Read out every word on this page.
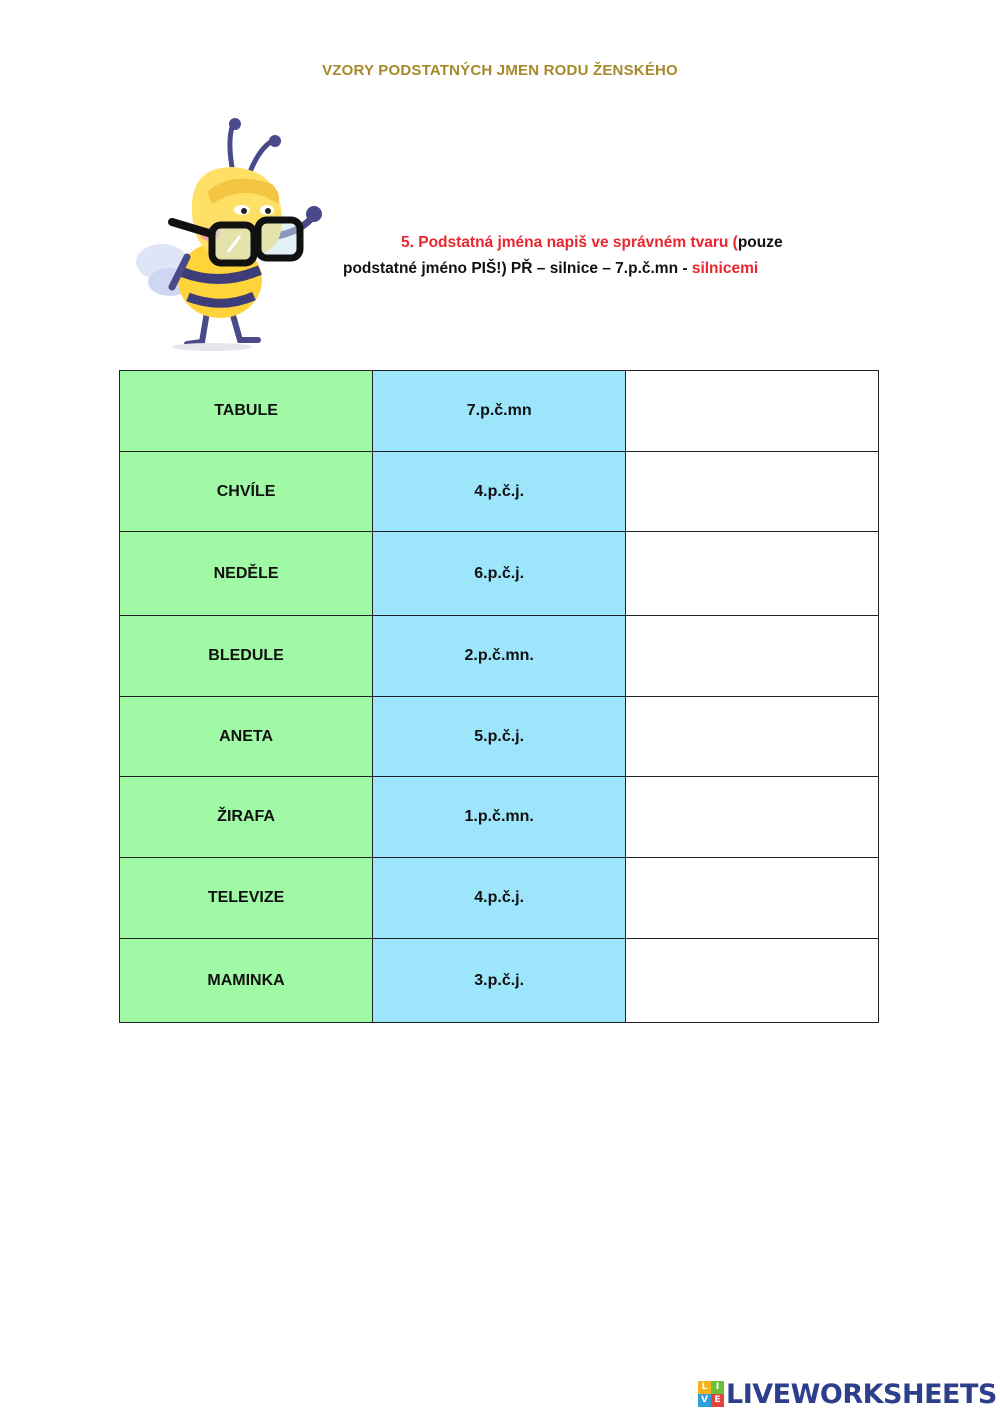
VZORY PODSTATNÝCH JMEN RODU ŽENSKÉHO
5. Podstatná jména napiš ve správném tvaru (pouze podstatné jméno PIŠ!) PŘ – silnice – 7.p.č.mn - silnicemi
TABULE	7.p.č.mn	
CHVÍLE	4.p.č.j.	
NEDĚLE	6.p.č.j.	
BLEDULE	2.p.č.mn.	
ANETA	5.p.č.j.	
ŽIRAFA	1.p.č.mn.	
TELEVIZE	4.p.č.j.	
MAMINKA	3.p.č.j.	
L I
V E LIVEWORKSHEETS
